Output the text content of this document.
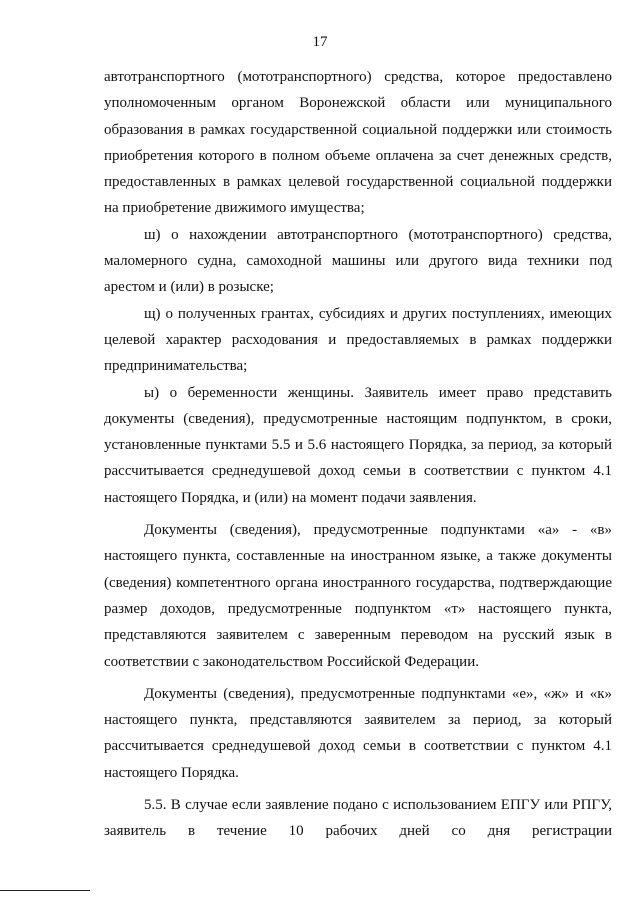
17

автотранспортного (мототранспортного) средства, которое предоставлено уполномоченным органом Воронежской области или муниципального образования в рамках государственной социальной поддержки или стоимость приобретения которого в полном объеме оплачена за счет денежных средств, предоставленных в рамках целевой государственной социальной поддержки на приобретение движимого имущества;

ш) о нахождении автотранспортного (мототранспортного) средства, маломерного судна, самоходной машины или другого вида техники под арестом и (или) в розыске;

щ) о полученных грантах, субсидиях и других поступлениях, имеющих целевой характер расходования и предоставляемых в рамках поддержки предпринимательства;

ы) о беременности женщины. Заявитель имеет право представить документы (сведения), предусмотренные настоящим подпунктом, в сроки, установленные пунктами 5.5 и 5.6 настоящего Порядка, за период, за который рассчитывается среднедушевой доход семьи в соответствии с пунктом 4.1 настоящего Порядка, и (или) на момент подачи заявления.

Документы (сведения), предусмотренные подпунктами «а» - «в» настоящего пункта, составленные на иностранном языке, а также документы (сведения) компетентного органа иностранного государства, подтверждающие размер доходов, предусмотренные подпунктом «т» настоящего пункта, представляются заявителем с заверенным переводом на русский язык в соответствии с законодательством Российской Федерации.

Документы (сведения), предусмотренные подпунктами «е», «ж» и «к» настоящего пункта, представляются заявителем за период, за который рассчитывается среднедушевой доход семьи в соответствии с пунктом 4.1 настоящего Порядка.

5.5. В случае если заявление подано с использованием ЕПГУ или РПГУ, заявитель в течение 10 рабочих дней со дня регистрации
